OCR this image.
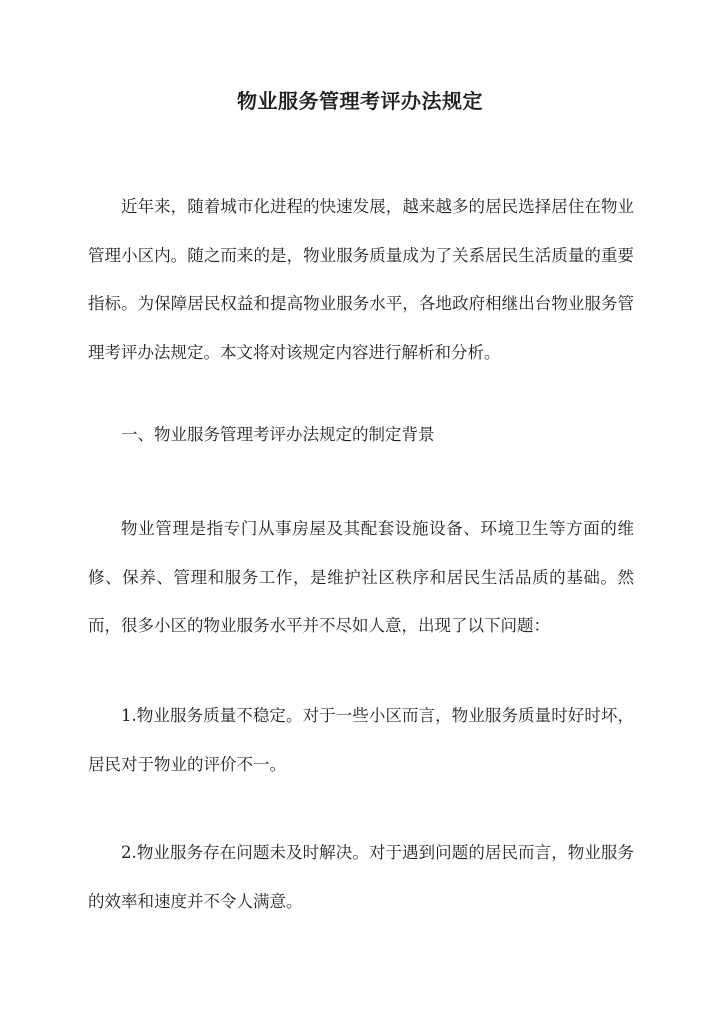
物业服务管理考评办法规定

近年来，随着城市化进程的快速发展，越来越多的居民选择居住在物业管理小区内。随之而来的是，物业服务质量成为了关系居民生活质量的重要指标。为保障居民权益和提高物业服务水平，各地政府相继出台物业服务管理考评办法规定。本文将对该规定内容进行解析和分析。

一、物业服务管理考评办法规定的制定背景

物业管理是指专门从事房屋及其配套设施设备、环境卫生等方面的维修、保养、管理和服务工作，是维护社区秩序和居民生活品质的基础。然而，很多小区的物业服务水平并不尽如人意，出现了以下问题：

1.物业服务质量不稳定。对于一些小区而言，物业服务质量时好时坏，居民对于物业的评价不一。

2.物业服务存在问题未及时解决。对于遇到问题的居民而言，物业服务的效率和速度并不令人满意。
